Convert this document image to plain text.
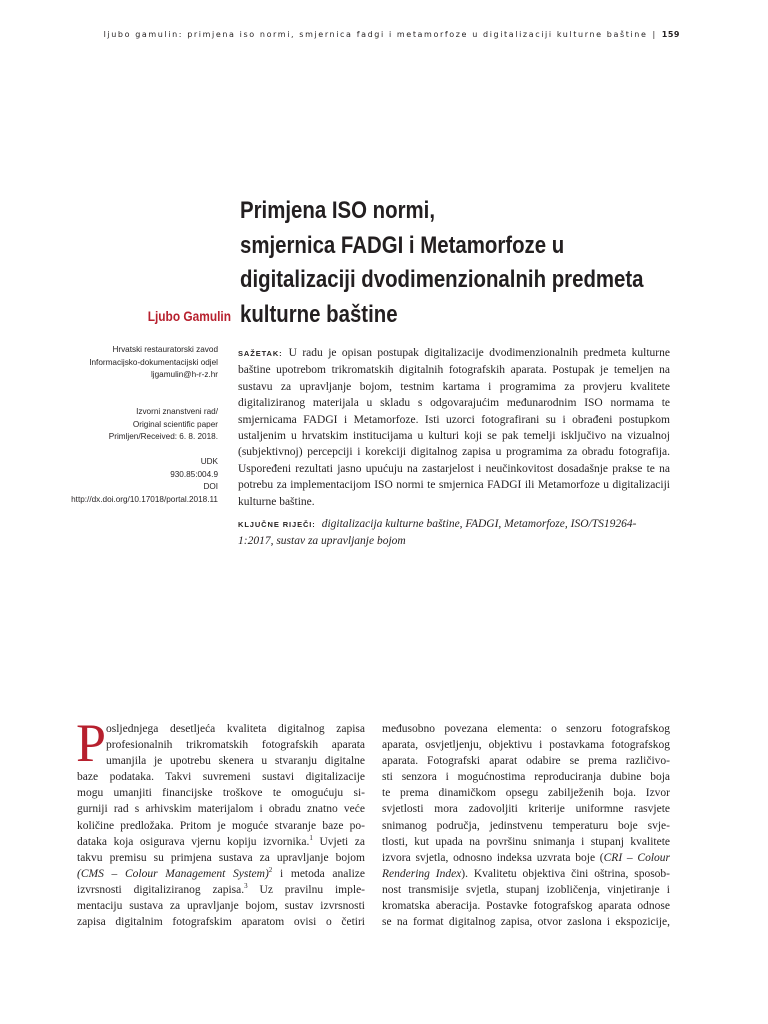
ljubo gamulin: primjena iso normi, smjernica fadgi i metamorfoze u digitalizaciji kulturne baštine | 159
Primjena ISO normi,
smjernica FADGI i Metamorfoze u
digitalizaciji dvodimenzionalnih predmeta
kulturne baštine
Ljubo Gamulin
Hrvatski restauratorski zavod
Informacijsko-dokumentacijski odjel
ljgamulin@h-r-z.hr
Izvorni znanstveni rad/
Original scientific paper
Primljen/Received: 6. 8. 2018.
UDK
930.85:004.9
DOI
http://dx.doi.org/10.17018/portal.2018.11
SAŽETAK: U radu je opisan postupak digitalizacije dvodimenzionalnih predmeta kulturne baštine upotrebom trikromatskih digitalnih fotografskih aparata. Postupak je temeljen na sustavu za upravljanje bojom, testnim kartama i programima za provjeru kvalitete digitaliziranog materijala u skladu s odgovarajućim međunarodnim ISO normama te smjernicama FADGI i Metamorfoze. Isti uzorci fotografirani su i obrađeni postupkom ustaljenim u hrvatskim institucijama u kulturi koji se pak temelji isključivo na vizualnoj (subjektivnoj) percepciji i korekciji digitalnog zapisa u programima za obradu fotografija. Uspoređeni rezultati jasno upućuju na zastarjelost i neučinkovitost dosadašnje prakse te na potrebu za implementacijom ISO normi te smjernica FADGI ili Metamorfoze u digitalizaciji kulturne baštine.
KLJUČNE RIJEČI: digitalizacija kulturne baštine, FADGI, Metamorfoze, ISO/TS19264-1:2017, sustav za upravljanje bojom
P osljednjega desetljeća kvaliteta digitalnog zapisa
profesionalnih trikromatskih fotografskih aparata
umanjila je upotrebu skenera u stvaranju digitalne
baze podataka. Takvi suvremeni sustavi digitalizacije
mogu umanjiti financijske troškove te omogućuju si-
gurniji rad s arhivskim materijalom i obradu znatno veće
količine predložaka. Pritom je moguće stvaranje baze po-
dataka koja osigurava vjernu kopiju izvornika.$^1$ Uvjeti za
takvu premisu su primjena sustava za upravljanje bojom
(CMS – Colour Management System)$^2$ i metoda analize
izvrsnosti digitaliziranog zapisa.$^3$ Uz pravilnu imple-
mentaciju sustava za upravljanje bojom, sustav izvrsnosti
zapisa digitalnim fotografskim aparatom ovisi o četiri
međusobno povezana elementa: o senzoru fotografskog
aparata, osvjetljenju, objektivu i postavkama fotografskog
aparata. Fotografski aparat odabire se prema različivo-
sti senzora i mogućnostima reproduciranja dubine boja
te prema dinamičkom opsegu zabilježenih boja. Izvor
svjetlosti mora zadovoljiti kriterije uniformne rasvjete
snimanog područja, jedinstvenu temperaturu boje svje-
tlosti, kut upada na površinu snimanja i stupanj kvalitete
izvora svjetla, odnosno indeksa uzvrata boje (CRI – Colour
Rendering Index). Kvalitetu objektiva čini oštrina, sposob-
nost transmisije svjetla, stupanj izobličenja, vinjetiranje i
kromatska aberacija. Postavke fotografskog aparata odnose
se na format digitalnog zapisa, otvor zaslona i ekspozicije,
